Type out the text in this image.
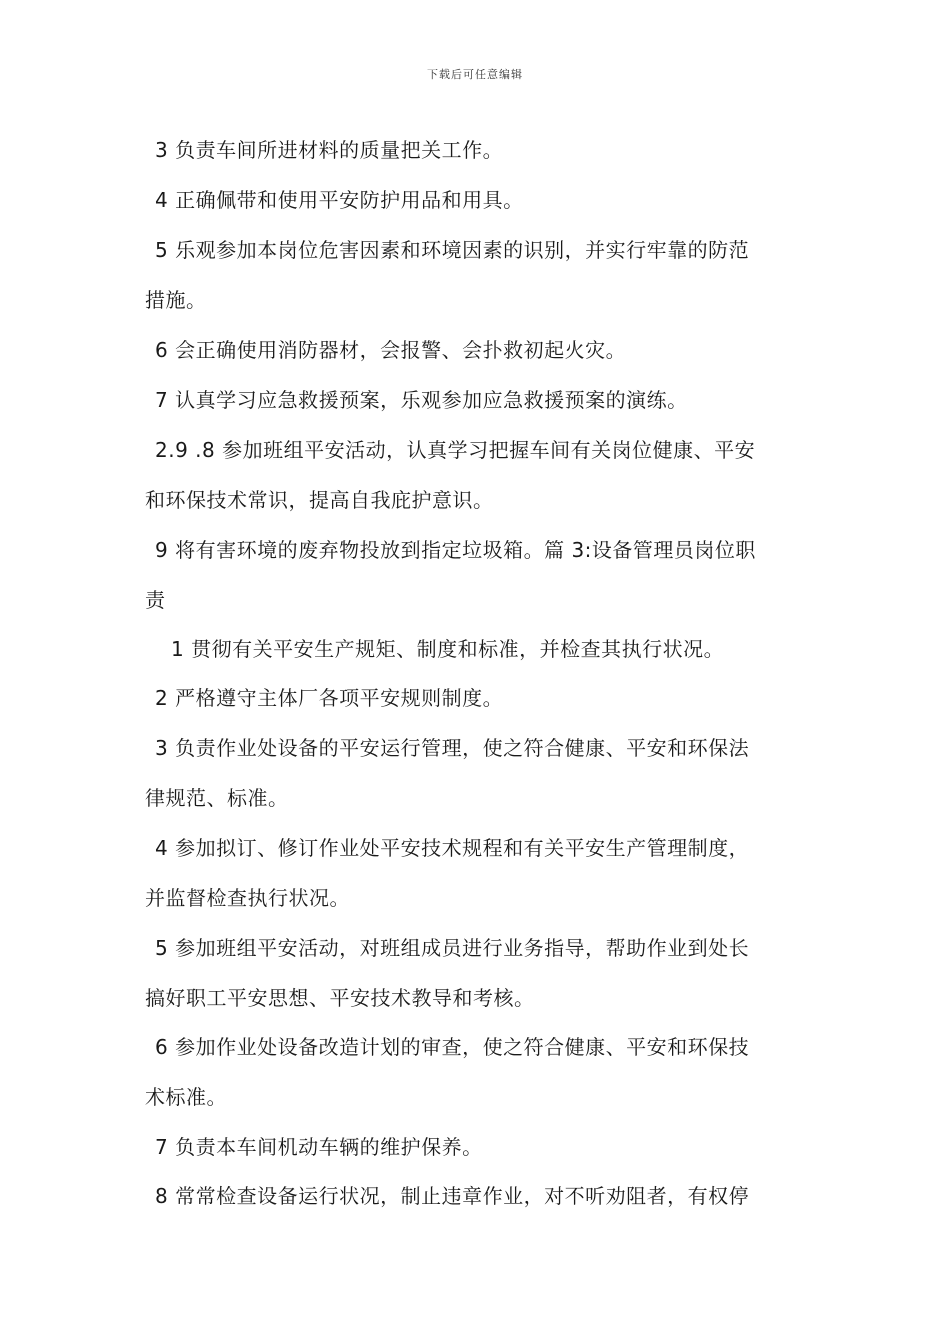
下载后可任意编辑
3 负责车间所进材料的质量把关工作。
4 正确佩带和使用平安防护用品和用具。
5 乐观参加本岗位危害因素和环境因素的识别，并实行牢靠的防范
措施。
6 会正确使用消防器材，会报警、会扑救初起火灾。
7 认真学习应急救援预案，乐观参加应急救援预案的演练。
2.9 .8 参加班组平安活动，认真学习把握车间有关岗位健康、平安
和环保技术常识，提高自我庇护意识。
9 将有害环境的废弃物投放到指定垃圾箱。篇 3:设备管理员岗位职
责
1 贯彻有关平安生产规矩、制度和标准，并检查其执行状况。
2 严格遵守主体厂各项平安规则制度。
3 负责作业处设备的平安运行管理，使之符合健康、平安和环保法
律规范、标准。
4 参加拟订、修订作业处平安技术规程和有关平安生产管理制度，
并监督检查执行状况。
5 参加班组平安活动，对班组成员进行业务指导，帮助作业到处长
搞好职工平安思想、平安技术教导和考核。
6 参加作业处设备改造计划的审查，使之符合健康、平安和环保技
术标准。
7 负责本车间机动车辆的维护保养。
8 常常检查设备运行状况，制止违章作业，对不听劝阻者，有权停
